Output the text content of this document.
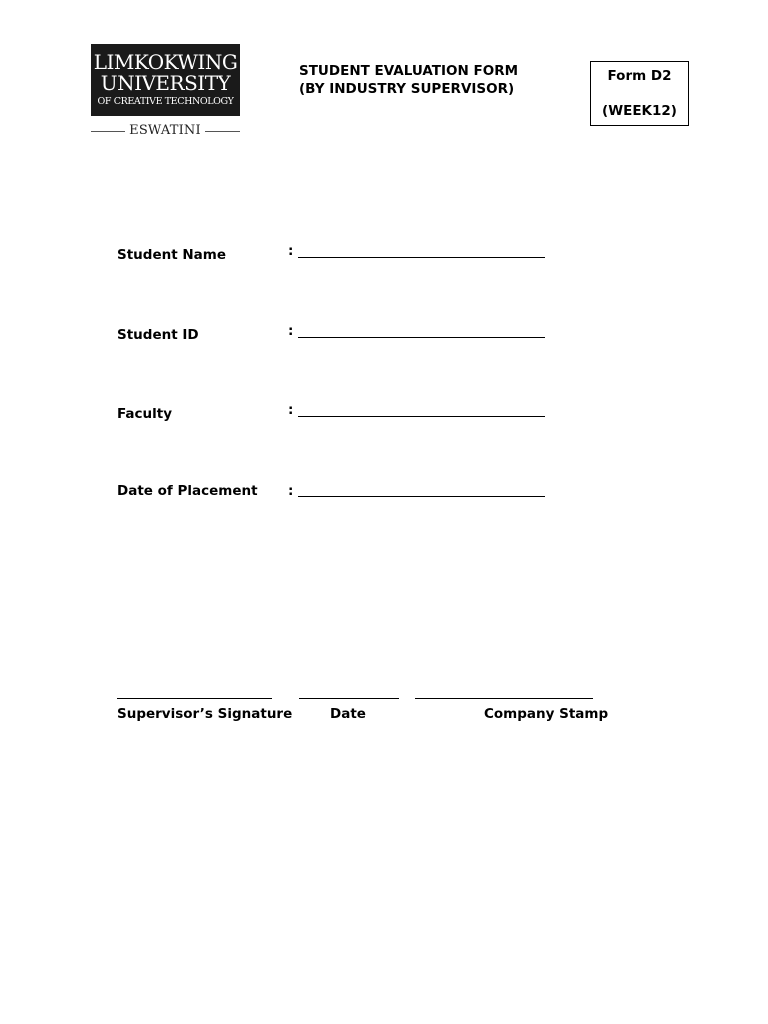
LIMKOKWING
UNIVERSITY
OF CREATIVE TECHNOLOGY
ESWATINI
STUDENT EVALUATION FORM
(BY INDUSTRY SUPERVISOR)
Form D2
(WEEK12)
Student Name	:
Student ID	:
Faculty	:
Date of Placement :
Supervisor’s Signature	Date	Company Stamp
